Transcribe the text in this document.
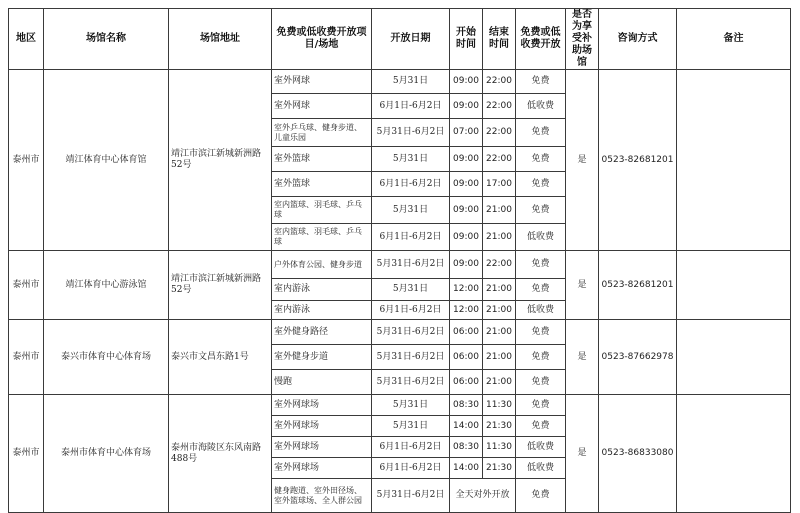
地区	场馆名称	场馆地址	免费或低收费开放项目/场地	开放日期	开始时间	结束时间	免费或低收费开放	是否为享受补助场馆	咨询方式	备注
泰州市	靖江体育中心体育馆	靖江市滨江新城新洲路52号	室外网球	5月31日	09:00	22:00	免费	是	0523-82681201	
			室外网球	6月1日-6月2日	09:00	22:00	低收费			
			室外乒乓球、健身步道、儿童乐园	5月31日-6月2日	07:00	22:00	免费			
			室外篮球	5月31日	09:00	22:00	免费			
			室外篮球	6月1日-6月2日	09:00	17:00	免费			
			室内篮球、羽毛球、乒乓球	5月31日	09:00	21:00	免费			
			室内篮球、羽毛球、乒乓球	6月1日-6月2日	09:00	21:00	低收费			
泰州市	靖江体育中心游泳馆	靖江市滨江新城新洲路52号	户外体育公园、健身步道	5月31日-6月2日	09:00	22:00	免费	是	0523-82681201	
			室内游泳	5月31日	12:00	21:00	免费			
			室内游泳	6月1日-6月2日	12:00	21:00	低收费			
泰州市	泰兴市体育中心体育场	泰兴市文昌东路1号	室外健身路径	5月31日-6月2日	06:00	21:00	免费	是	0523-87662978	
			室外健身步道	5月31日-6月2日	06:00	21:00	免费			
			慢跑	5月31日-6月2日	06:00	21:00	免费			
泰州市	泰州市体育中心体育场	泰州市海陵区东风南路488号	室外网球场	5月31日	08:30	11:30	免费	是	0523-86833080	
			室外网球场	5月31日	14:00	21:30	免费			
			室外网球场	6月1日-6月2日	08:30	11:30	低收费			
			室外网球场	6月1日-6月2日	14:00	21:30	低收费			
			健身跑道、室外田径场、室外篮球场、全人群公园	5月31日-6月2日	全天对外开放		免费			
